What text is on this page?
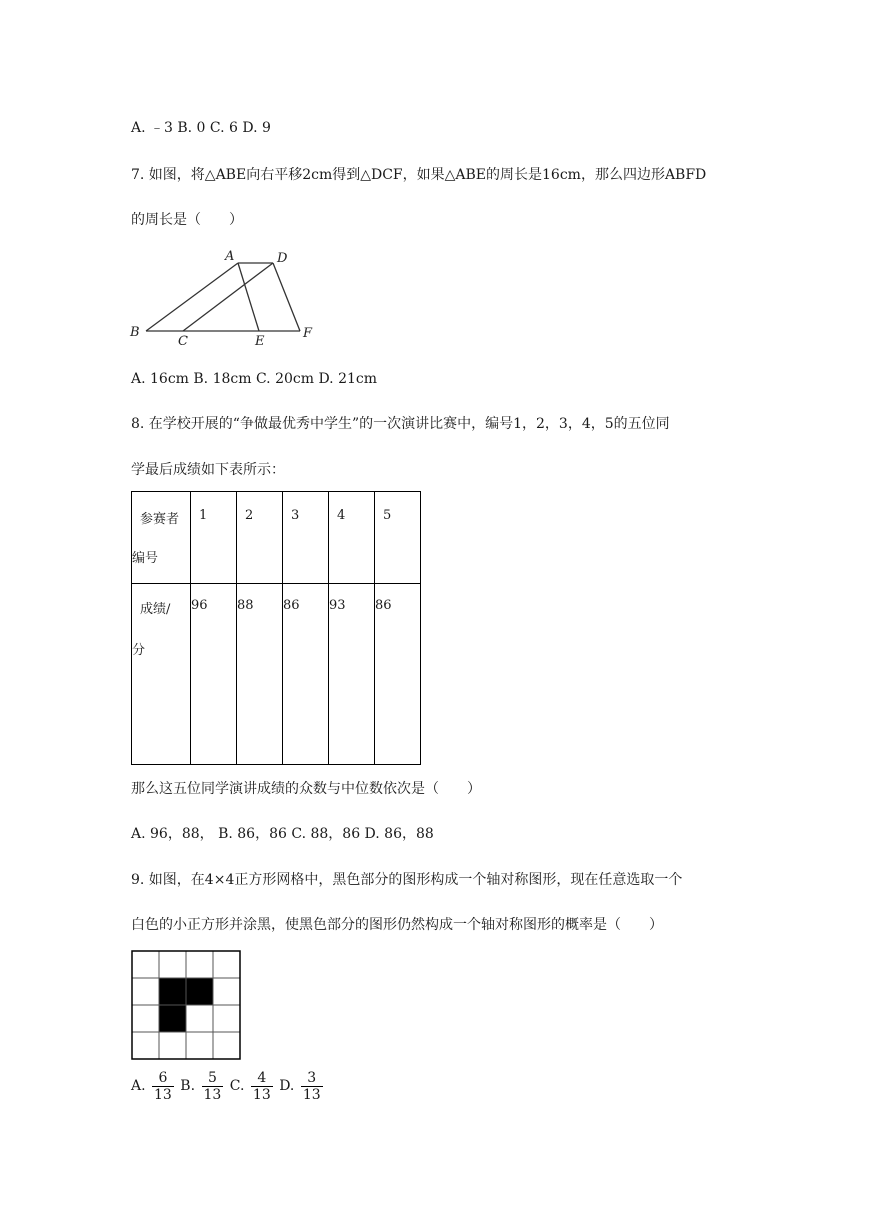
A. ﹣3 B. 0 C. 6 D. 9
7. 如图，将△ABE向右平移2cm得到△DCF，如果△ABE的周长是16cm，那么四边形ABFD
的周长是（　　）
A	D
B
C	E
F
A. 16cm B. 18cm C. 20cm D. 21cm
8. 在学校开展的“争做最优秀中学生”的一次演讲比赛中，编号1，2，3，4，5的五位同
学最后成绩如下表所示：
参赛者
编号	1	2	3	4	5

成绩/
分	96	88	86	93	86
那么这五位同学演讲成绩的众数与中位数依次是（　　）
A. 96，88， B. 86，86 C. 88，86 D. 86，88
9. 如图，在4×4正方形网格中，黑色部分的图形构成一个轴对称图形，现在任意选取一个
白色的小正方形并涂黑，使黑色部分的图形仍然构成一个轴对称图形的概率是（　　）
A. $\frac{6}{13} B$. $\frac{5}{13} C$. $\frac{4}{13} D$. $\frac{3}{13}$
